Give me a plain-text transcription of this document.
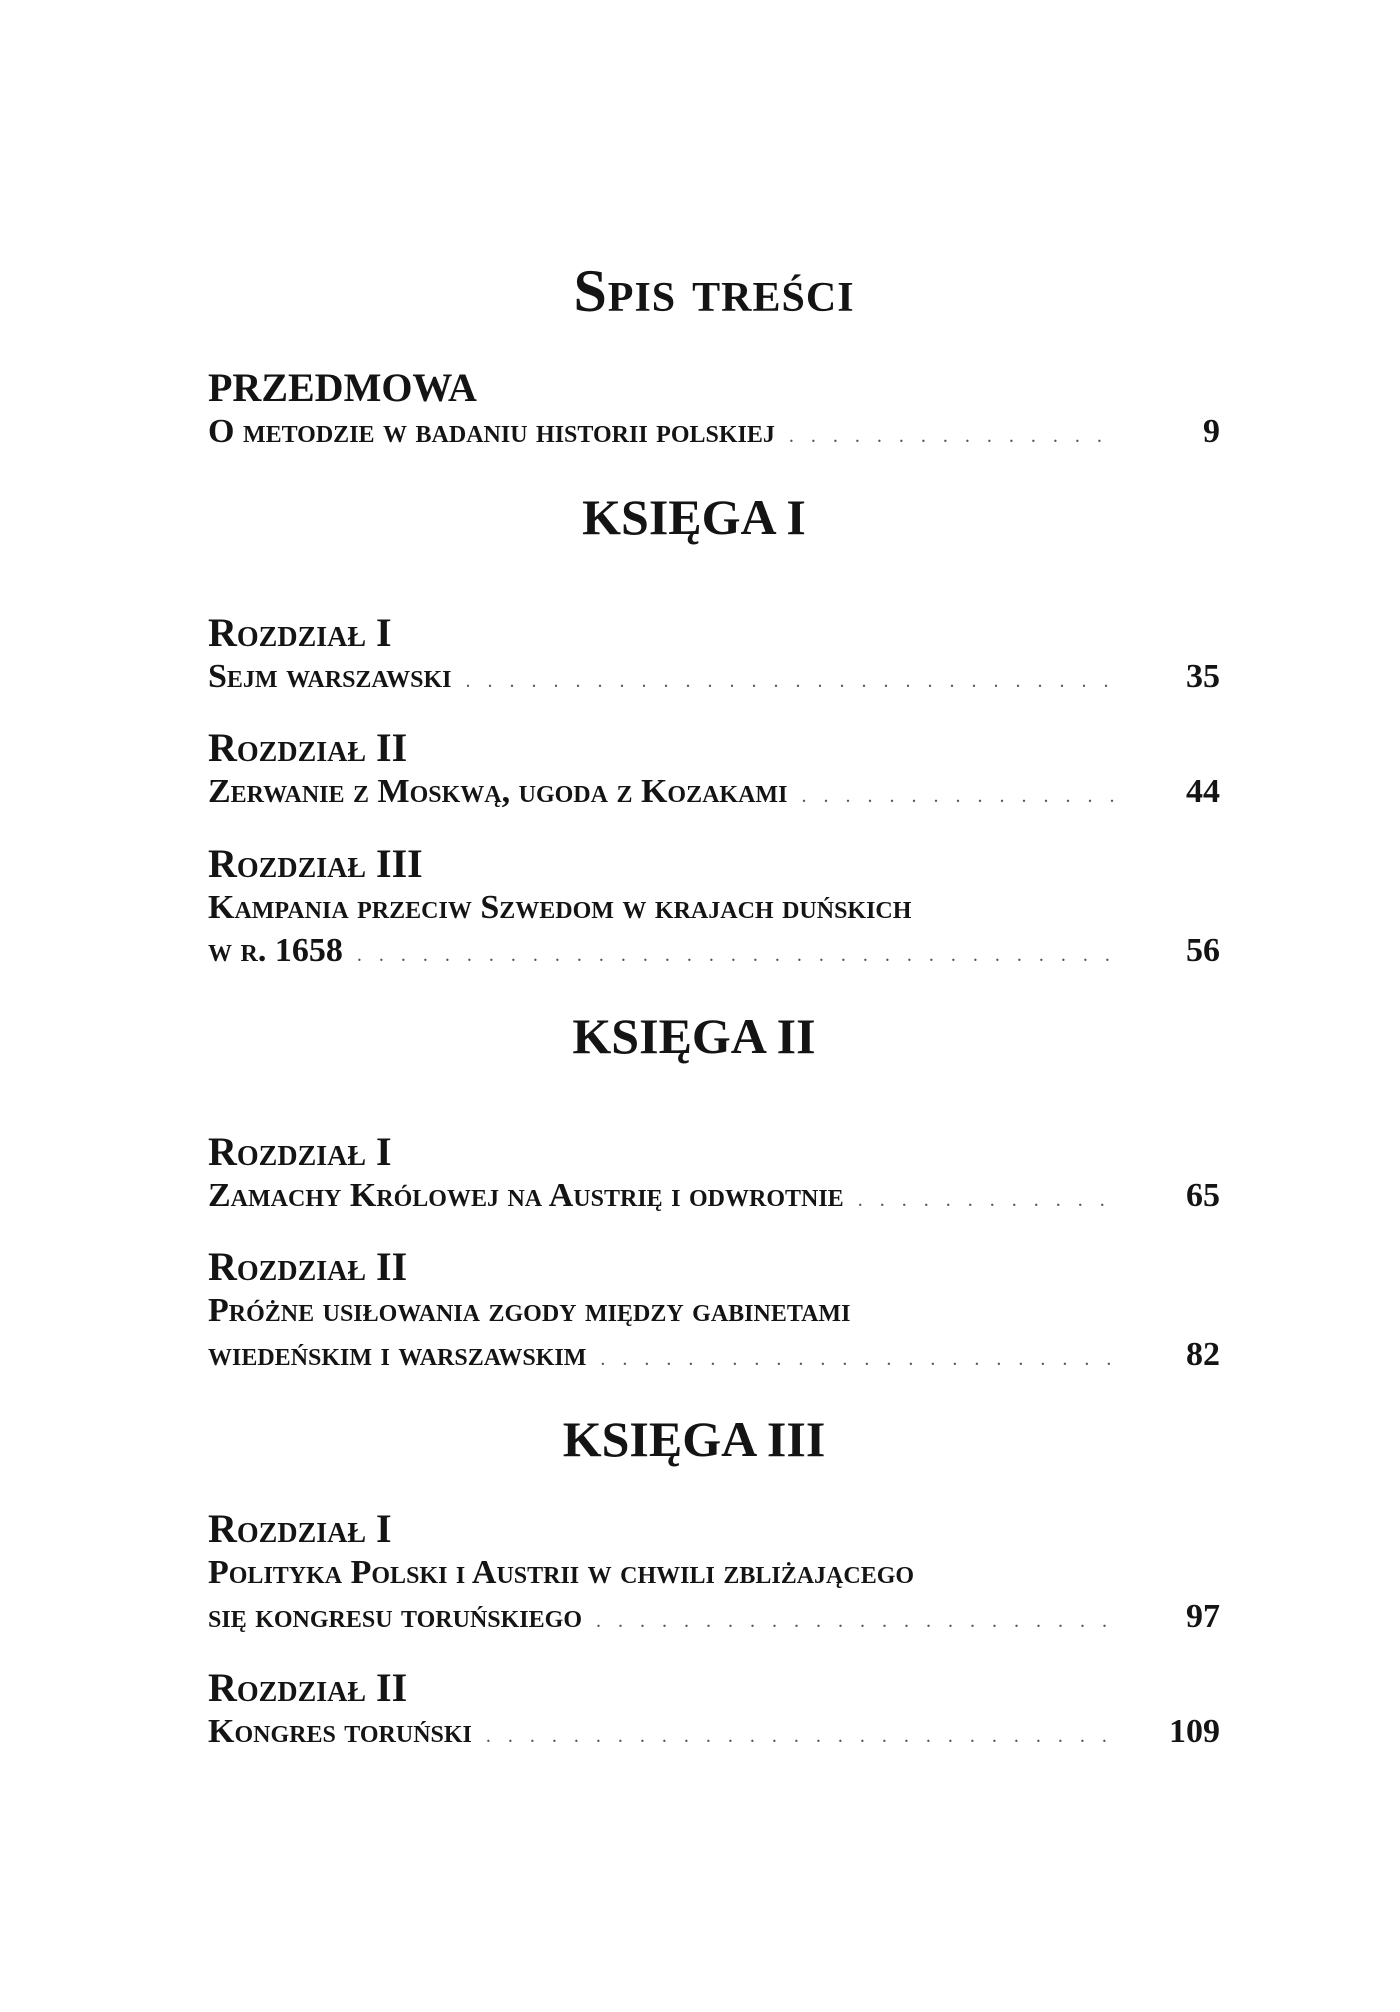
Spis treści
PRZEDMOWA
O metodzie w badaniu historii polskiej . . .	9
KSIĘGA I
Rozdział I
Sejm warszawski . . .	35
Rozdział II
Zerwanie z Moskwą, ugoda z Kozakami . . .	44
Rozdział III
Kampania przeciw Szwedom w krajach duńskich
w r. 1658 . . .	56
KSIĘGA II
Rozdział I
Zamachy Królowej na Austrię i odwrotnie . . .	65
Rozdział II
Próżne usiłowania zgody między gabinetami
wiedeńskim i warszawskim . . .	82
KSIĘGA III
Rozdział I
Polityka Polski i Austrii w chwili zbliżającego
się kongresu toruńskiego . . .	97
Rozdział II
Kongres toruński . . .	109
